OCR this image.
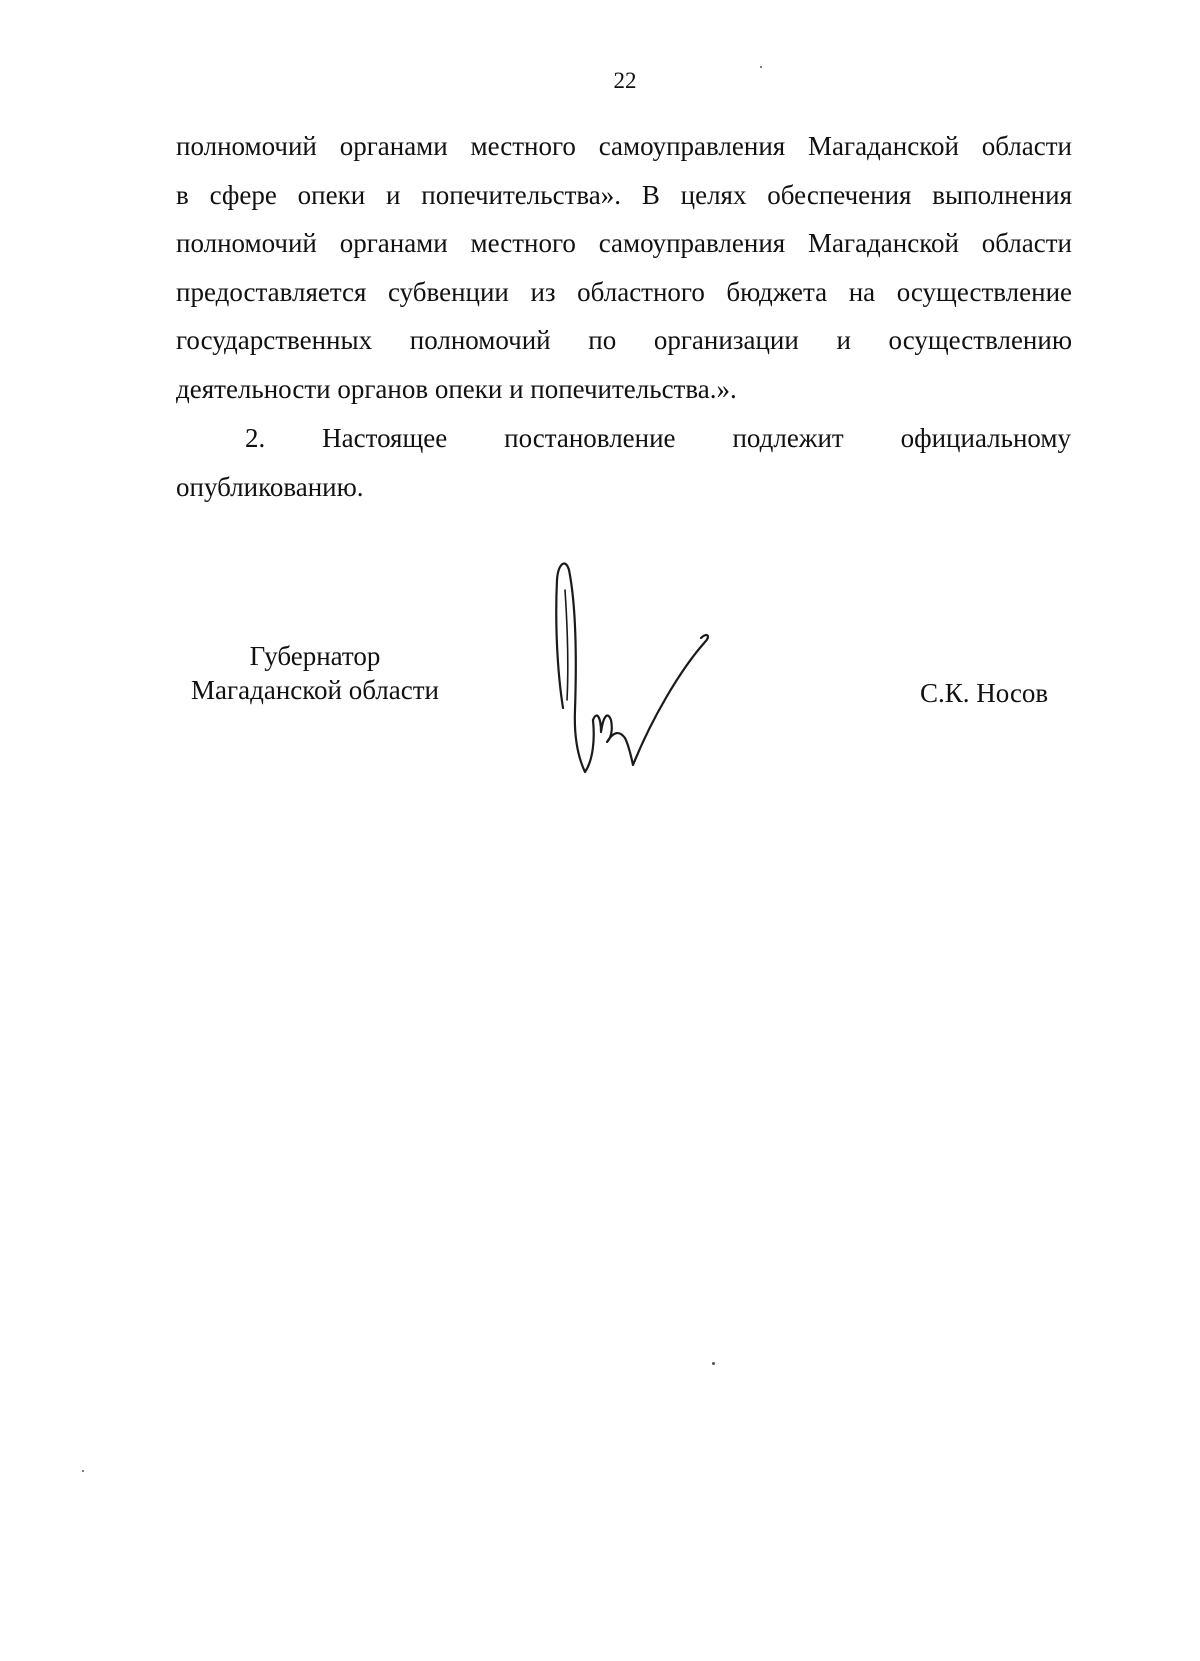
22
полномочий органами местного самоуправления Магаданской области
в сфере опеки и попечительства». В целях обеспечения выполнения
полномочий органами местного самоуправления Магаданской области
предоставляется субвенции из областного бюджета на осуществление
государственных полномочий по организации и осуществлению
деятельности органов опеки и попечительства.».
2. Настоящее постановление подлежит официальному
опубликованию.
Губернатор
Магаданской области	С.К. Носов
